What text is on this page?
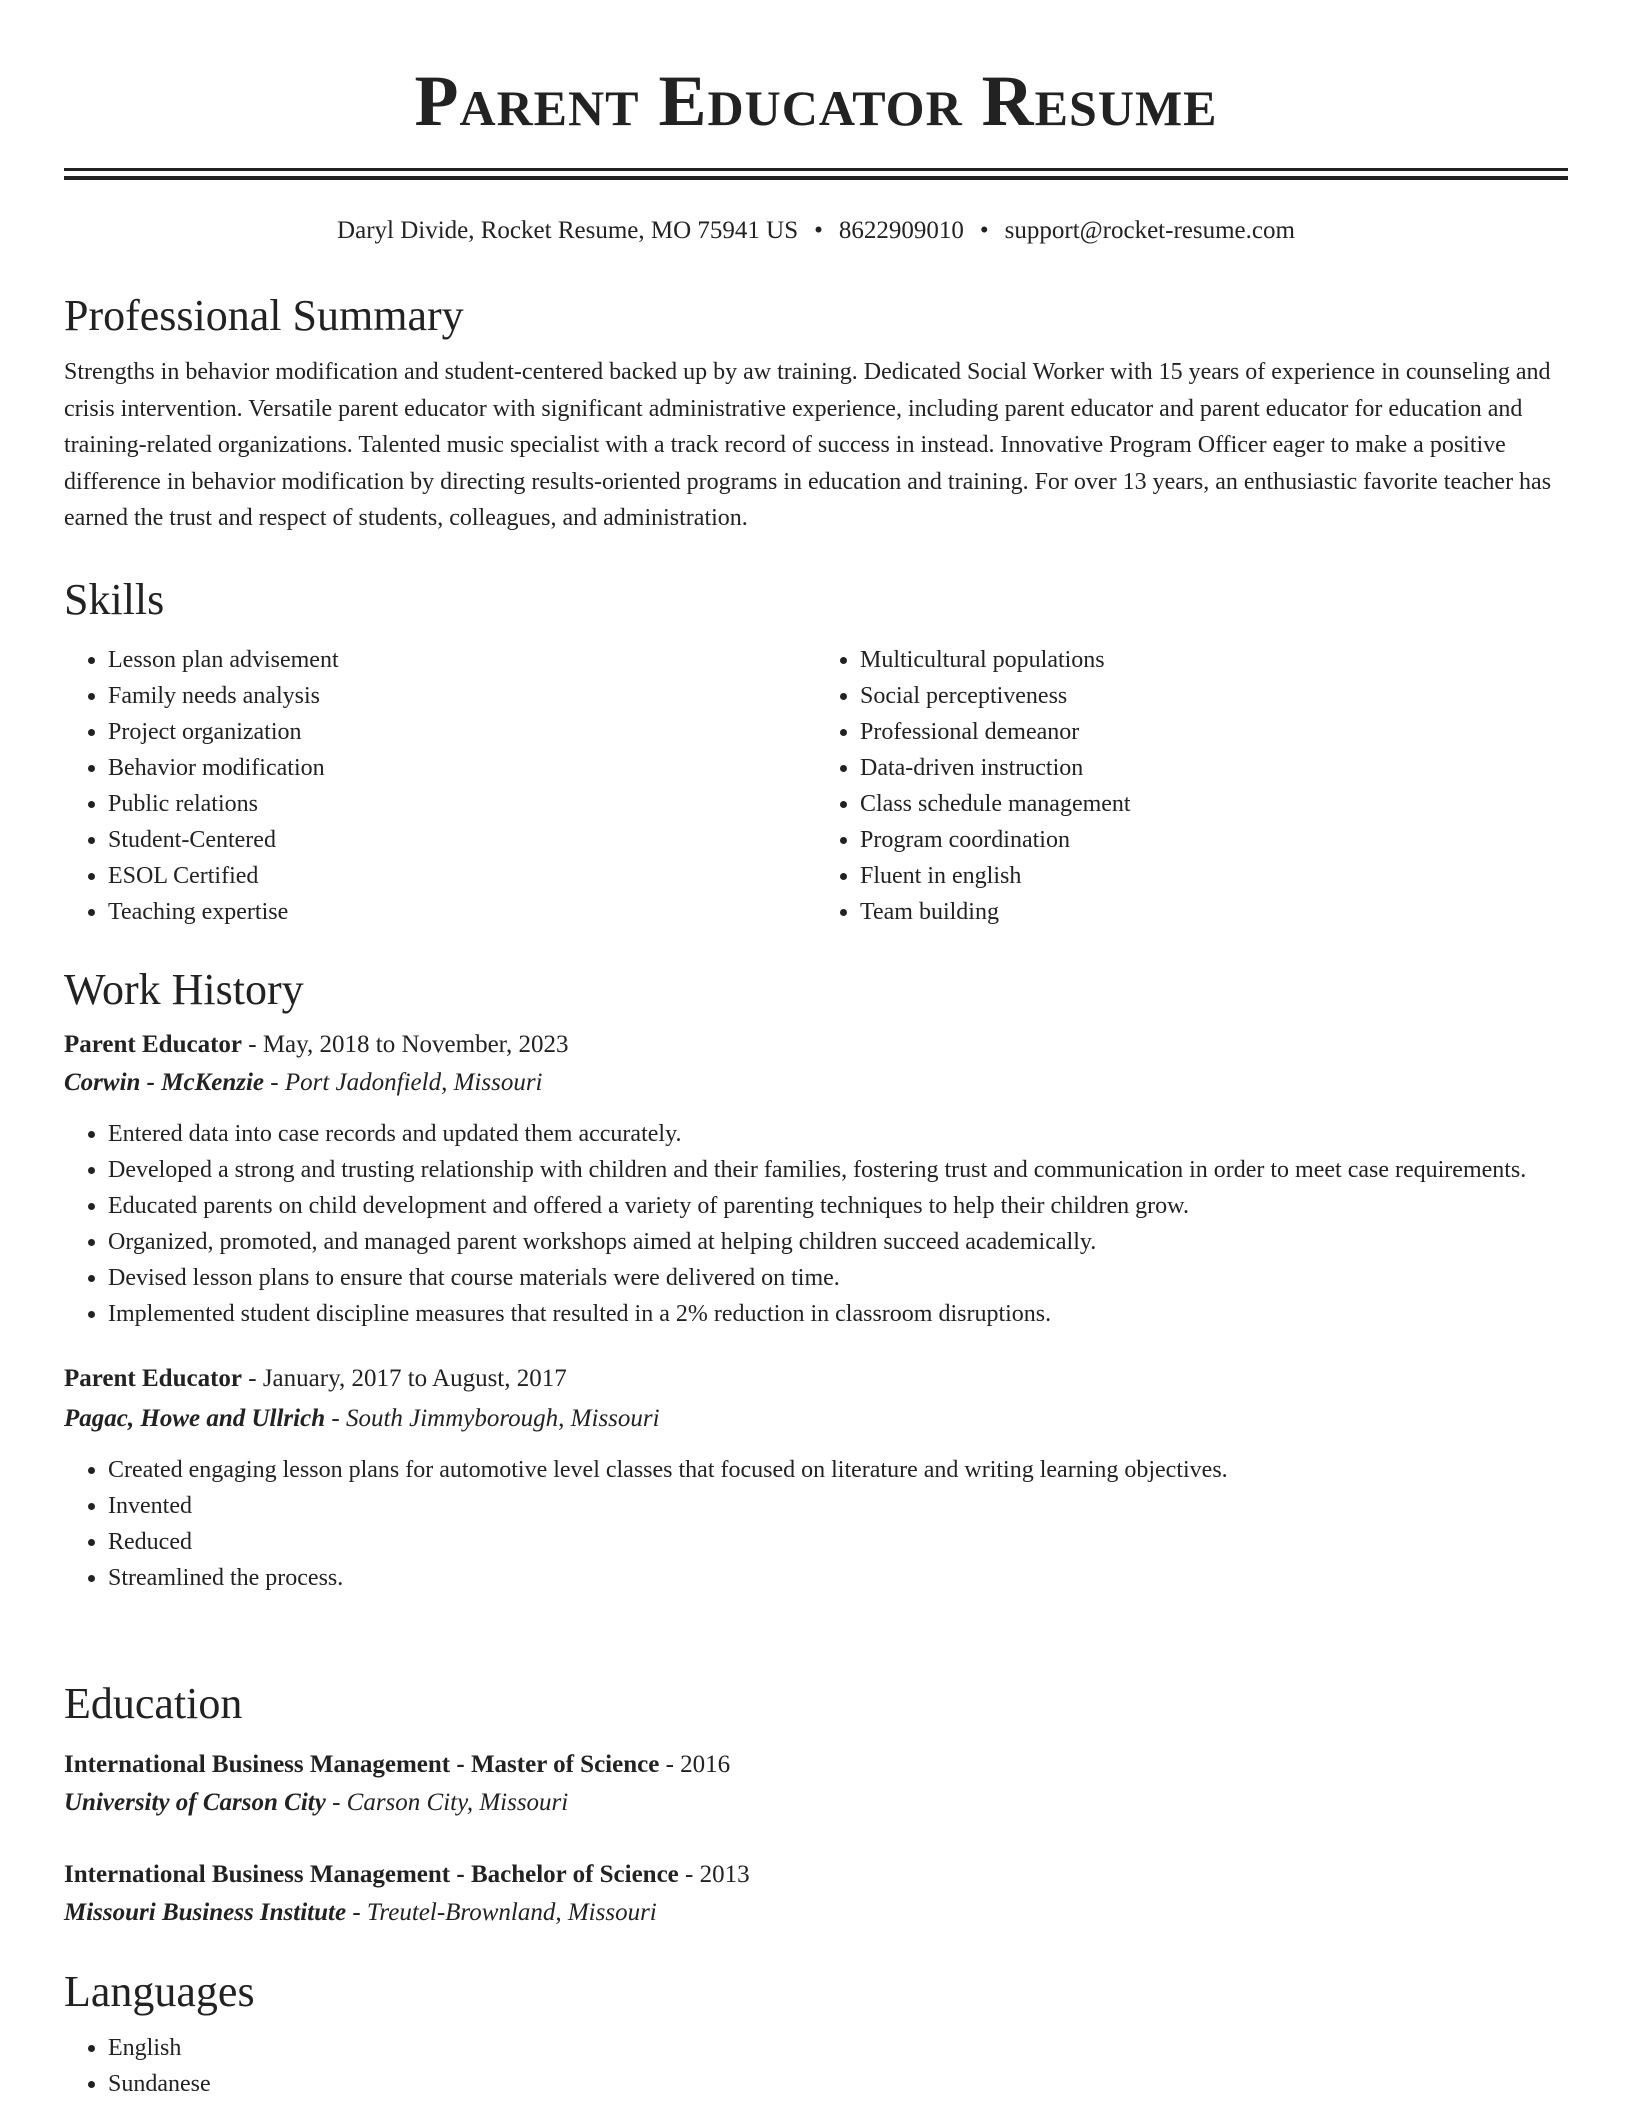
Parent Educator Resume
Daryl Divide, Rocket Resume, MO 75941 US • 8622909010 • support@rocket-resume.com
Professional Summary

Strengths in behavior modification and student-centered backed up by aw training. Dedicated Social Worker with 15 years of experience in counseling and crisis intervention. Versatile parent educator with significant administrative experience, including parent educator and parent educator for education and training-related organizations. Talented music specialist with a track record of success in instead. Innovative Program Officer eager to make a positive difference in behavior modification by directing results-oriented programs in education and training. For over 13 years, an enthusiastic favorite teacher has earned the trust and respect of students, colleagues, and administration.

Skills
• Lesson plan advisement
• Family needs analysis
• Project organization
• Behavior modification
• Public relations
• Student-Centered
• ESOL Certified
• Teaching expertise
• Multicultural populations
• Social perceptiveness
• Professional demeanor
• Data-driven instruction
• Class schedule management
• Program coordination
• Fluent in english
• Team building
Work History
Parent Educator - May, 2018 to November, 2023
Corwin - McKenzie - Port Jadonfield, Missouri
• Entered data into case records and updated them accurately.
• Developed a strong and trusting relationship with children and their families, fostering trust and communication in order to meet case requirements.
• Educated parents on child development and offered a variety of parenting techniques to help their children grow.
• Organized, promoted, and managed parent workshops aimed at helping children succeed academically.
• Devised lesson plans to ensure that course materials were delivered on time.
• Implemented student discipline measures that resulted in a 2% reduction in classroom disruptions.
Parent Educator - January, 2017 to August, 2017
Pagac, Howe and Ullrich - South Jimmyborough, Missouri
• Created engaging lesson plans for automotive level classes that focused on literature and writing learning objectives.
• Invented
• Reduced
• Streamlined the process.
Education
International Business Management - Master of Science - 2016
University of Carson City - Carson City, Missouri
International Business Management - Bachelor of Science - 2013
Missouri Business Institute - Treutel-Brownland, Missouri
Languages
• English
• Sundanese
